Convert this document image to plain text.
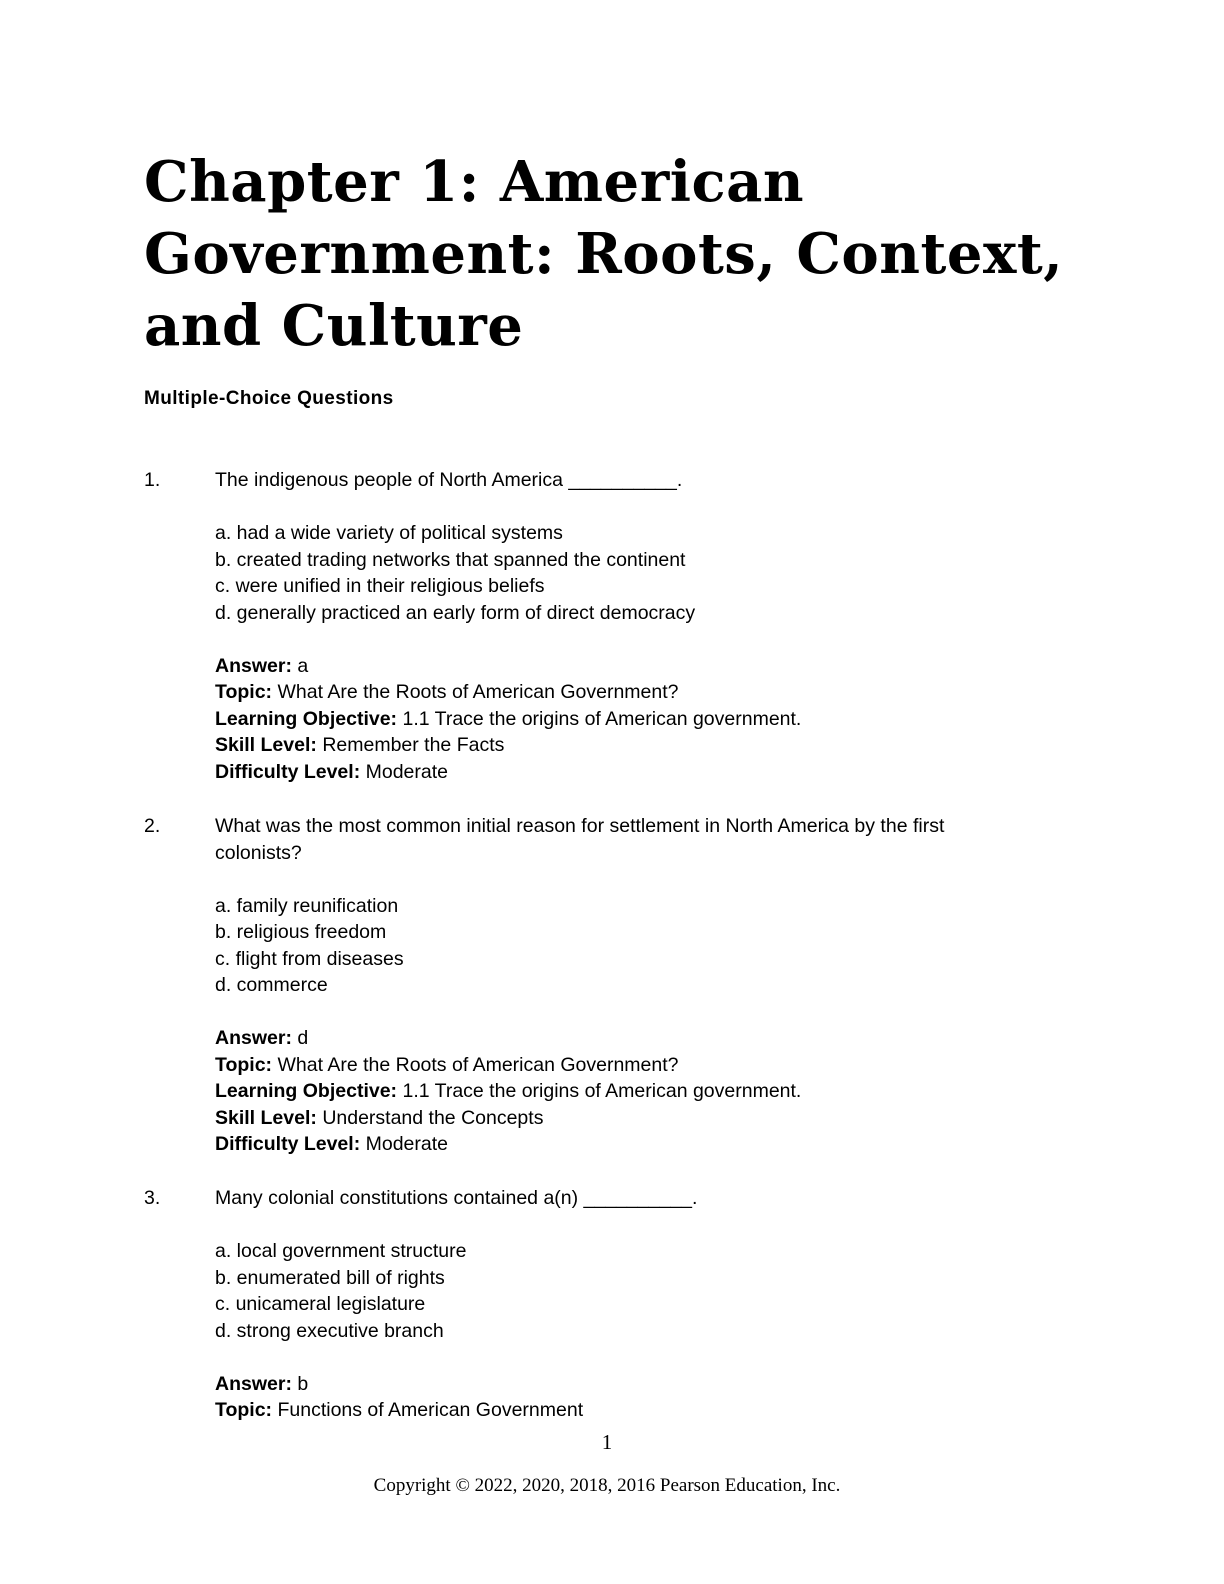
Chapter 1: American
Government: Roots, Context,
and Culture
Multiple-Choice Questions
1.	The indigenous people of North America __________.

a. had a wide variety of political systems
b. created trading networks that spanned the continent
c. were unified in their religious beliefs
d. generally practiced an early form of direct democracy
Answer: a
Topic: What Are the Roots of American Government?
Learning Objective: 1.1 Trace the origins of American government.
Skill Level: Remember the Facts
Difficulty Level: Moderate
2.	What was the most common initial reason for settlement in North America by the first colonists?

a. family reunification
b. religious freedom
c. flight from diseases
d. commerce
Answer: d
Topic: What Are the Roots of American Government?
Learning Objective: 1.1 Trace the origins of American government.
Skill Level: Understand the Concepts
Difficulty Level: Moderate
3.	Many colonial constitutions contained a(n) __________.

a. local government structure
b. enumerated bill of rights
c. unicameral legislature
d. strong executive branch
Answer: b
Topic: Functions of American Government
1
Copyright © 2022, 2020, 2018, 2016 Pearson Education, Inc.
